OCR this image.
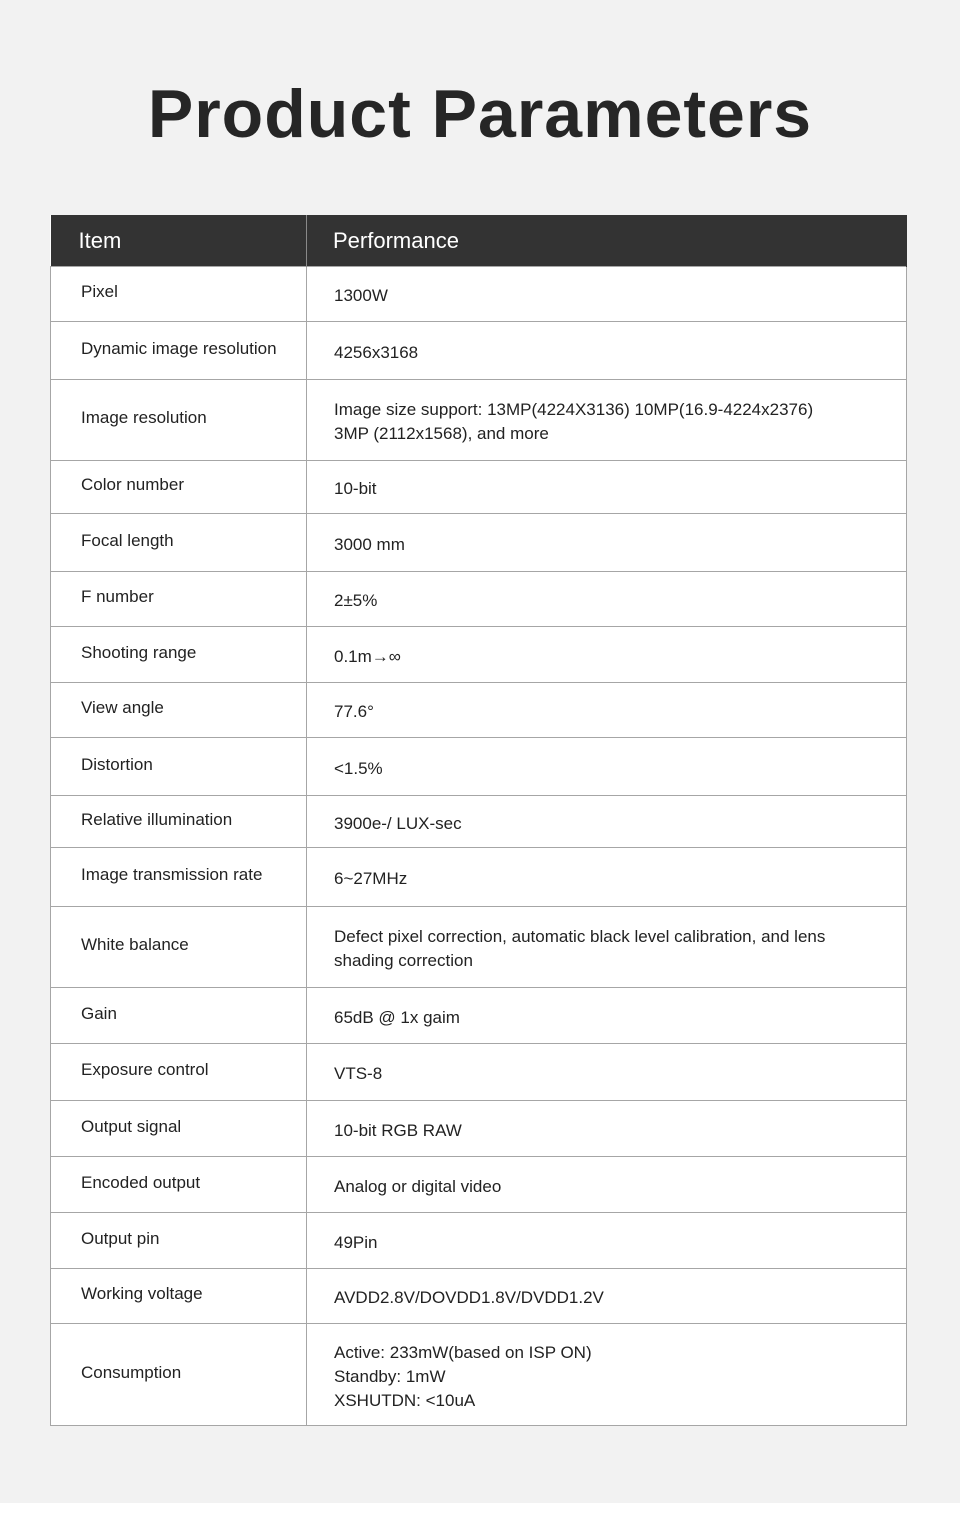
Product Parameters
Item	Performance
Pixel	1300W

Dynamic image resolution	4256x3168

Image resolution	Image size support: 13MP(4224X3136) 10MP(16.9-4224x2376)
3MP (2112x1568), and more

Color number	10-bit

Focal length	3000 mm

F number	2±5%

Shooting range	0.1m→∞

View angle	77.6°

Distortion	<1.5%

Relative illumination	3900e-/ LUX-sec

Image transmission rate	6~27MHz

White balance	Defect pixel correction, automatic black level calibration, and lens
shading correction

Gain	65dB @ 1x gaim

Exposure control	VTS-8

Output signal	10-bit RGB RAW

Encoded output	Analog or digital video

Output pin	49Pin

Working voltage	AVDD2.8V/DOVDD1.8V/DVDD1.2V

Consumption	Active: 233mW(based on ISP ON)
Standby: 1mW
XSHUTDN: <10uA
